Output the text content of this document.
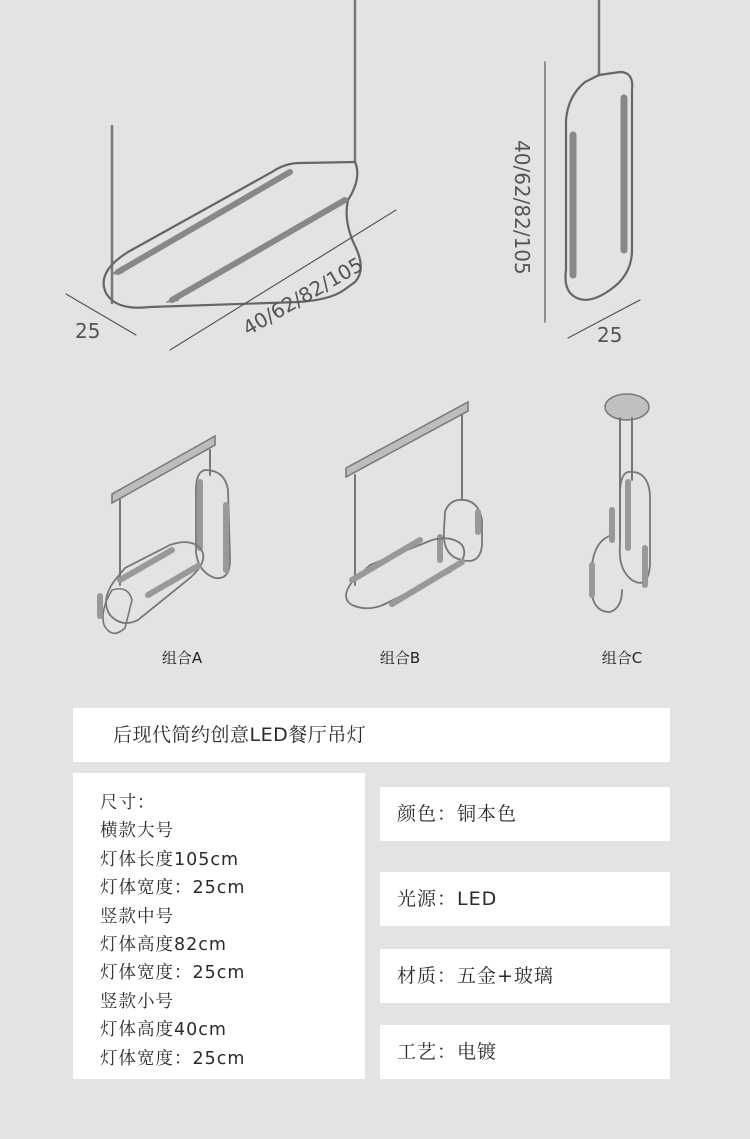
25	40/62/82/105
40/62/82/105
25
组合A	组合B	组合C
后现代简约创意LED餐厅吊灯
尺寸：
横款大号
灯体长度105cm
灯体宽度：25cm
竖款中号
灯体高度82cm
灯体宽度：25cm
竖款小号
灯体高度40cm
灯体宽度：25cm
颜色：铜本色
光源：LED
材质：五金+玻璃
工艺：电镀
